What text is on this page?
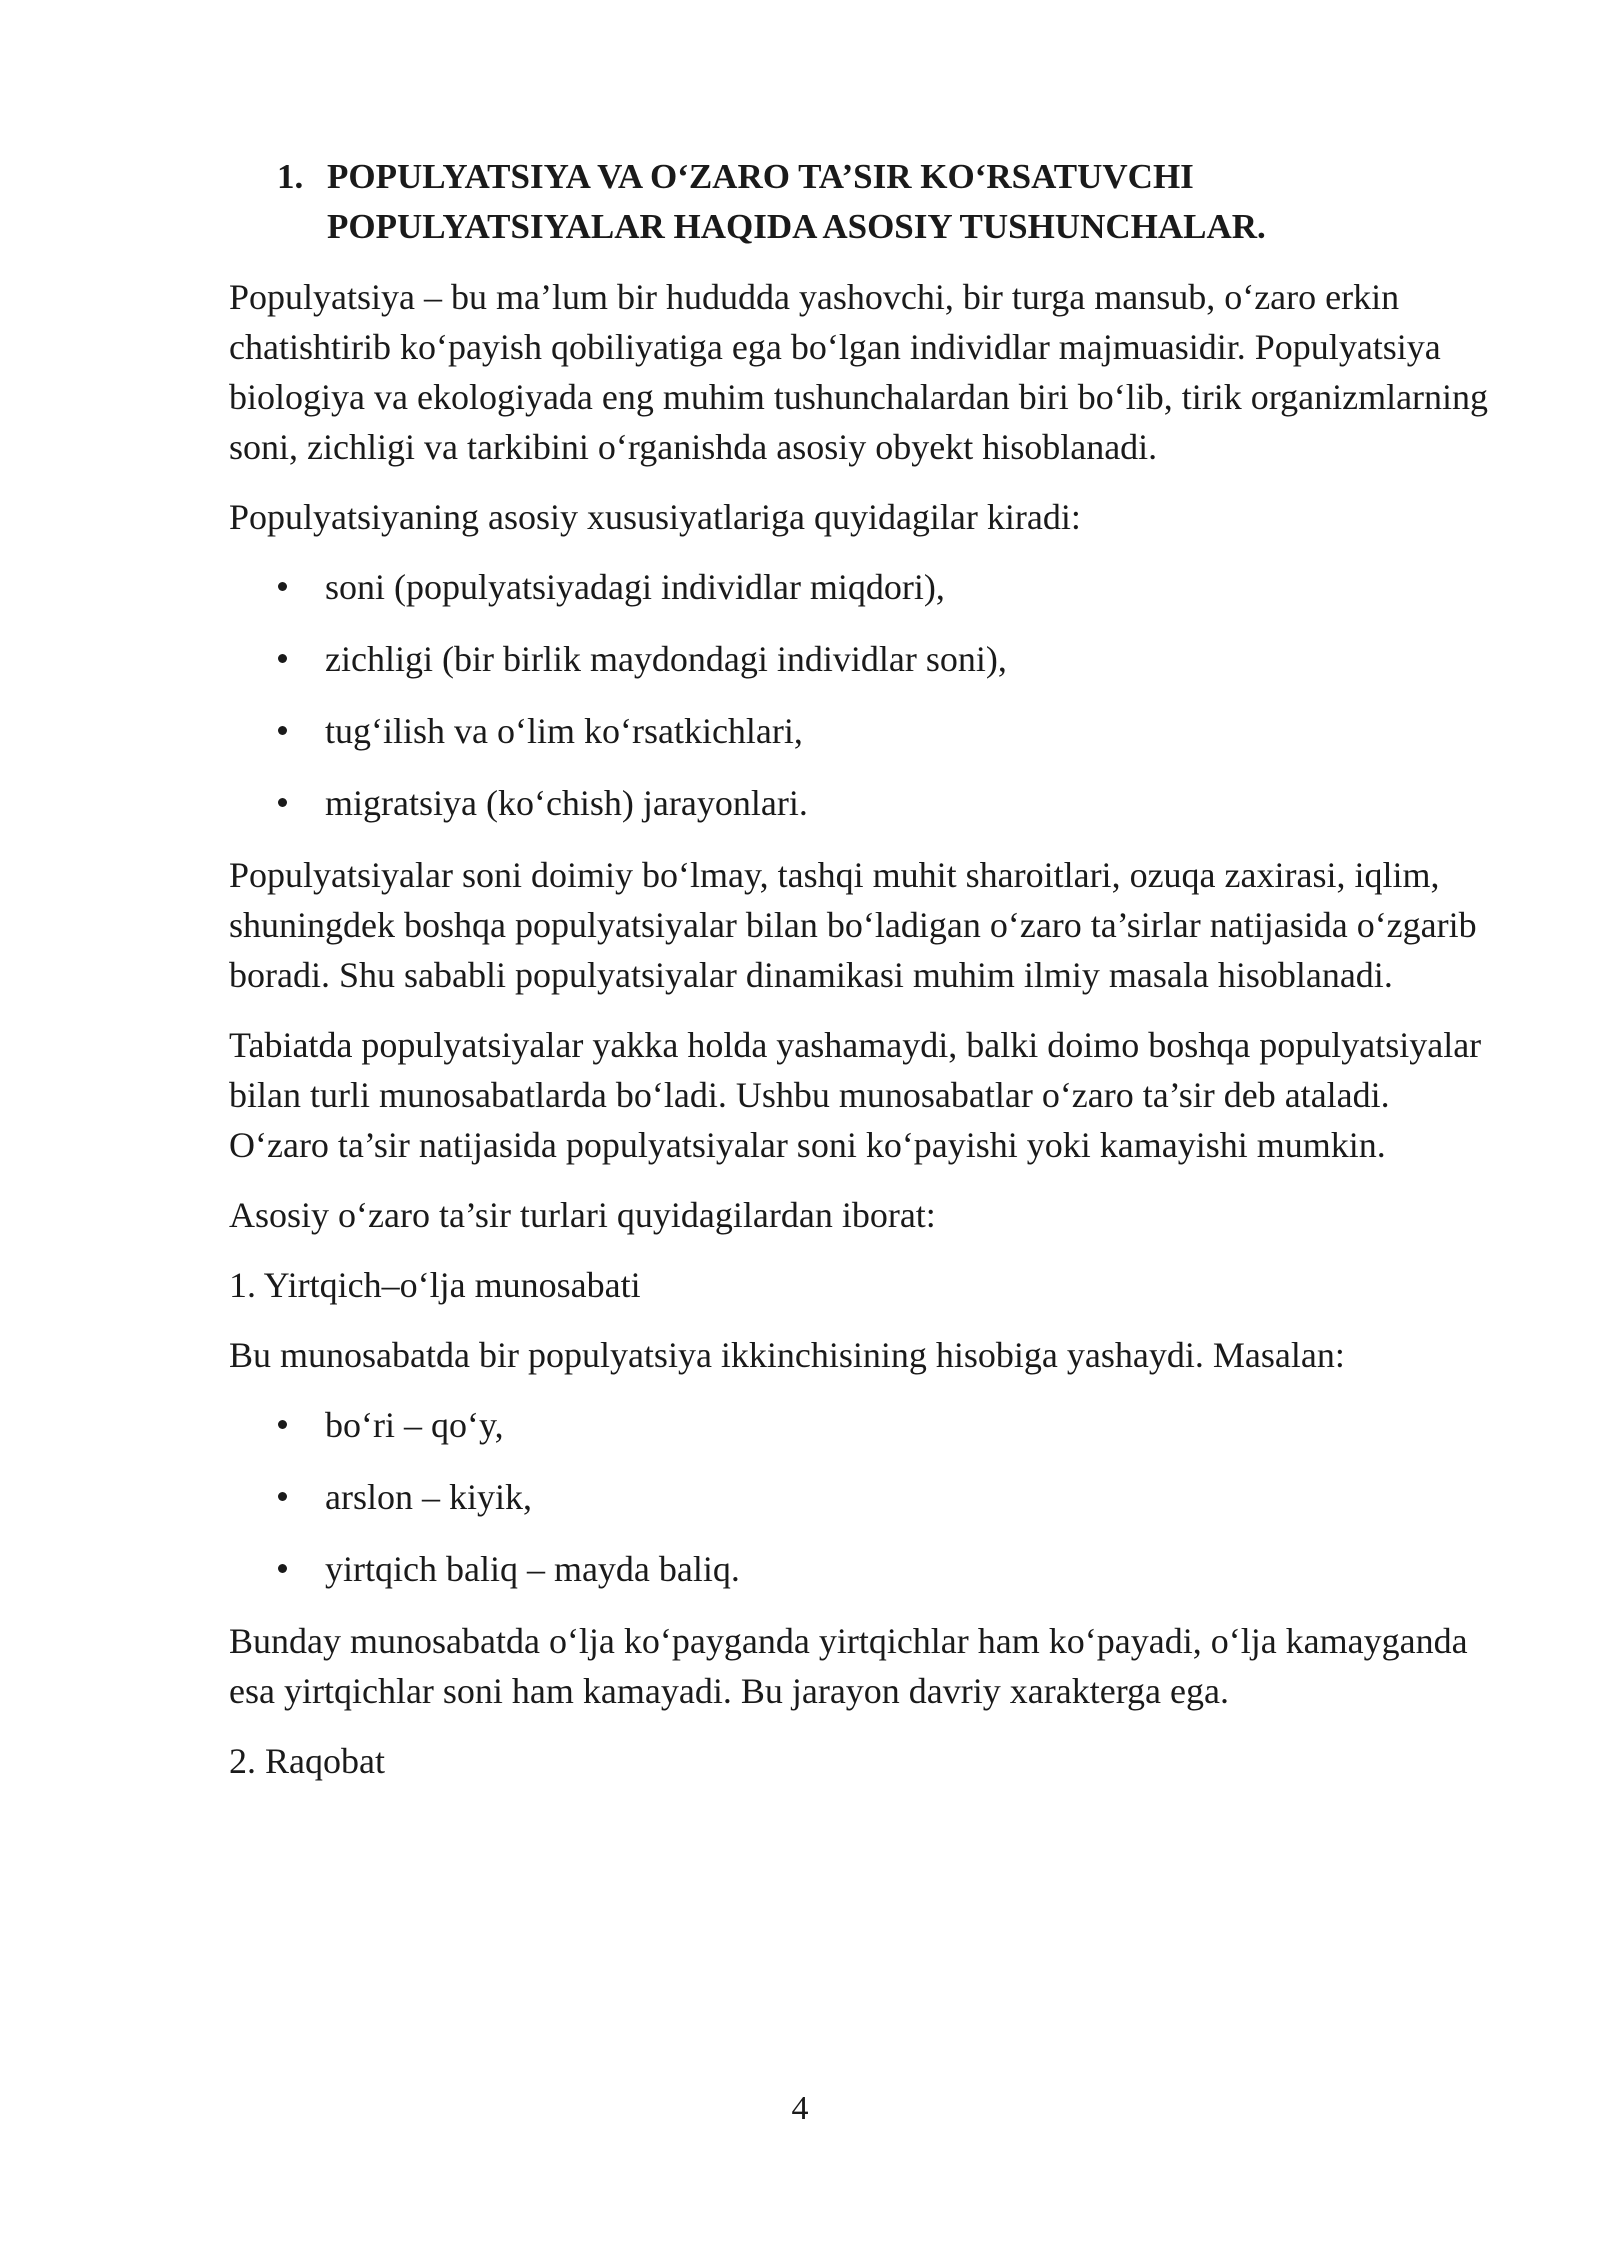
1. POPULYATSIYA VA O‘ZARO TA’SIR KO‘RSATUVCHI
POPULYATSIYALAR HAQIDA ASOSIY TUSHUNCHALAR.

Populyatsiya – bu ma’lum bir hududda yashovchi, bir turga mansub, o‘zaro erkin chatishtirib ko‘payish qobiliyatiga ega bo‘lgan individlar majmuasidir. Populyatsiya biologiya va ekologiyada eng muhim tushunchalardan biri bo‘lib, tirik organizmlarning soni, zichligi va tarkibini o‘rganishda asosiy obyekt hisoblanadi.

Populyatsiyaning asosiy xususiyatlariga quyidagilar kiradi:

soni (populyatsiyadagi individlar miqdori),
zichligi (bir birlik maydondagi individlar soni),
tug‘ilish va o‘lim ko‘rsatkichlari,
migratsiya (ko‘chish) jarayonlari.

Populyatsiyalar soni doimiy bo‘lmay, tashqi muhit sharoitlari, ozuqa zaxirasi, iqlim, shuningdek boshqa populyatsiyalar bilan bo‘ladigan o‘zaro ta’sirlar natijasida o‘zgarib boradi. Shu sababli populyatsiyalar dinamikasi muhim ilmiy masala hisoblanadi.

Tabiatda populyatsiyalar yakka holda yashamaydi, balki doimo boshqa populyatsiyalar bilan turli munosabatlarda bo‘ladi. Ushbu munosabatlar o‘zaro ta’sir deb ataladi. O‘zaro ta’sir natijasida populyatsiyalar soni ko‘payishi yoki kamayishi mumkin.

Asosiy o‘zaro ta’sir turlari quyidagilardan iborat:

1. Yirtqich–o‘lja munosabati

Bu munosabatda bir populyatsiya ikkinchisining hisobiga yashaydi. Masalan:

bo‘ri – qo‘y,
arslon – kiyik,
yirtqich baliq – mayda baliq.

Bunday munosabatda o‘lja ko‘payganda yirtqichlar ham ko‘payadi, o‘lja kamayganda esa yirtqichlar soni ham kamayadi. Bu jarayon davriy xarakterga ega.

2. Raqobat

4
